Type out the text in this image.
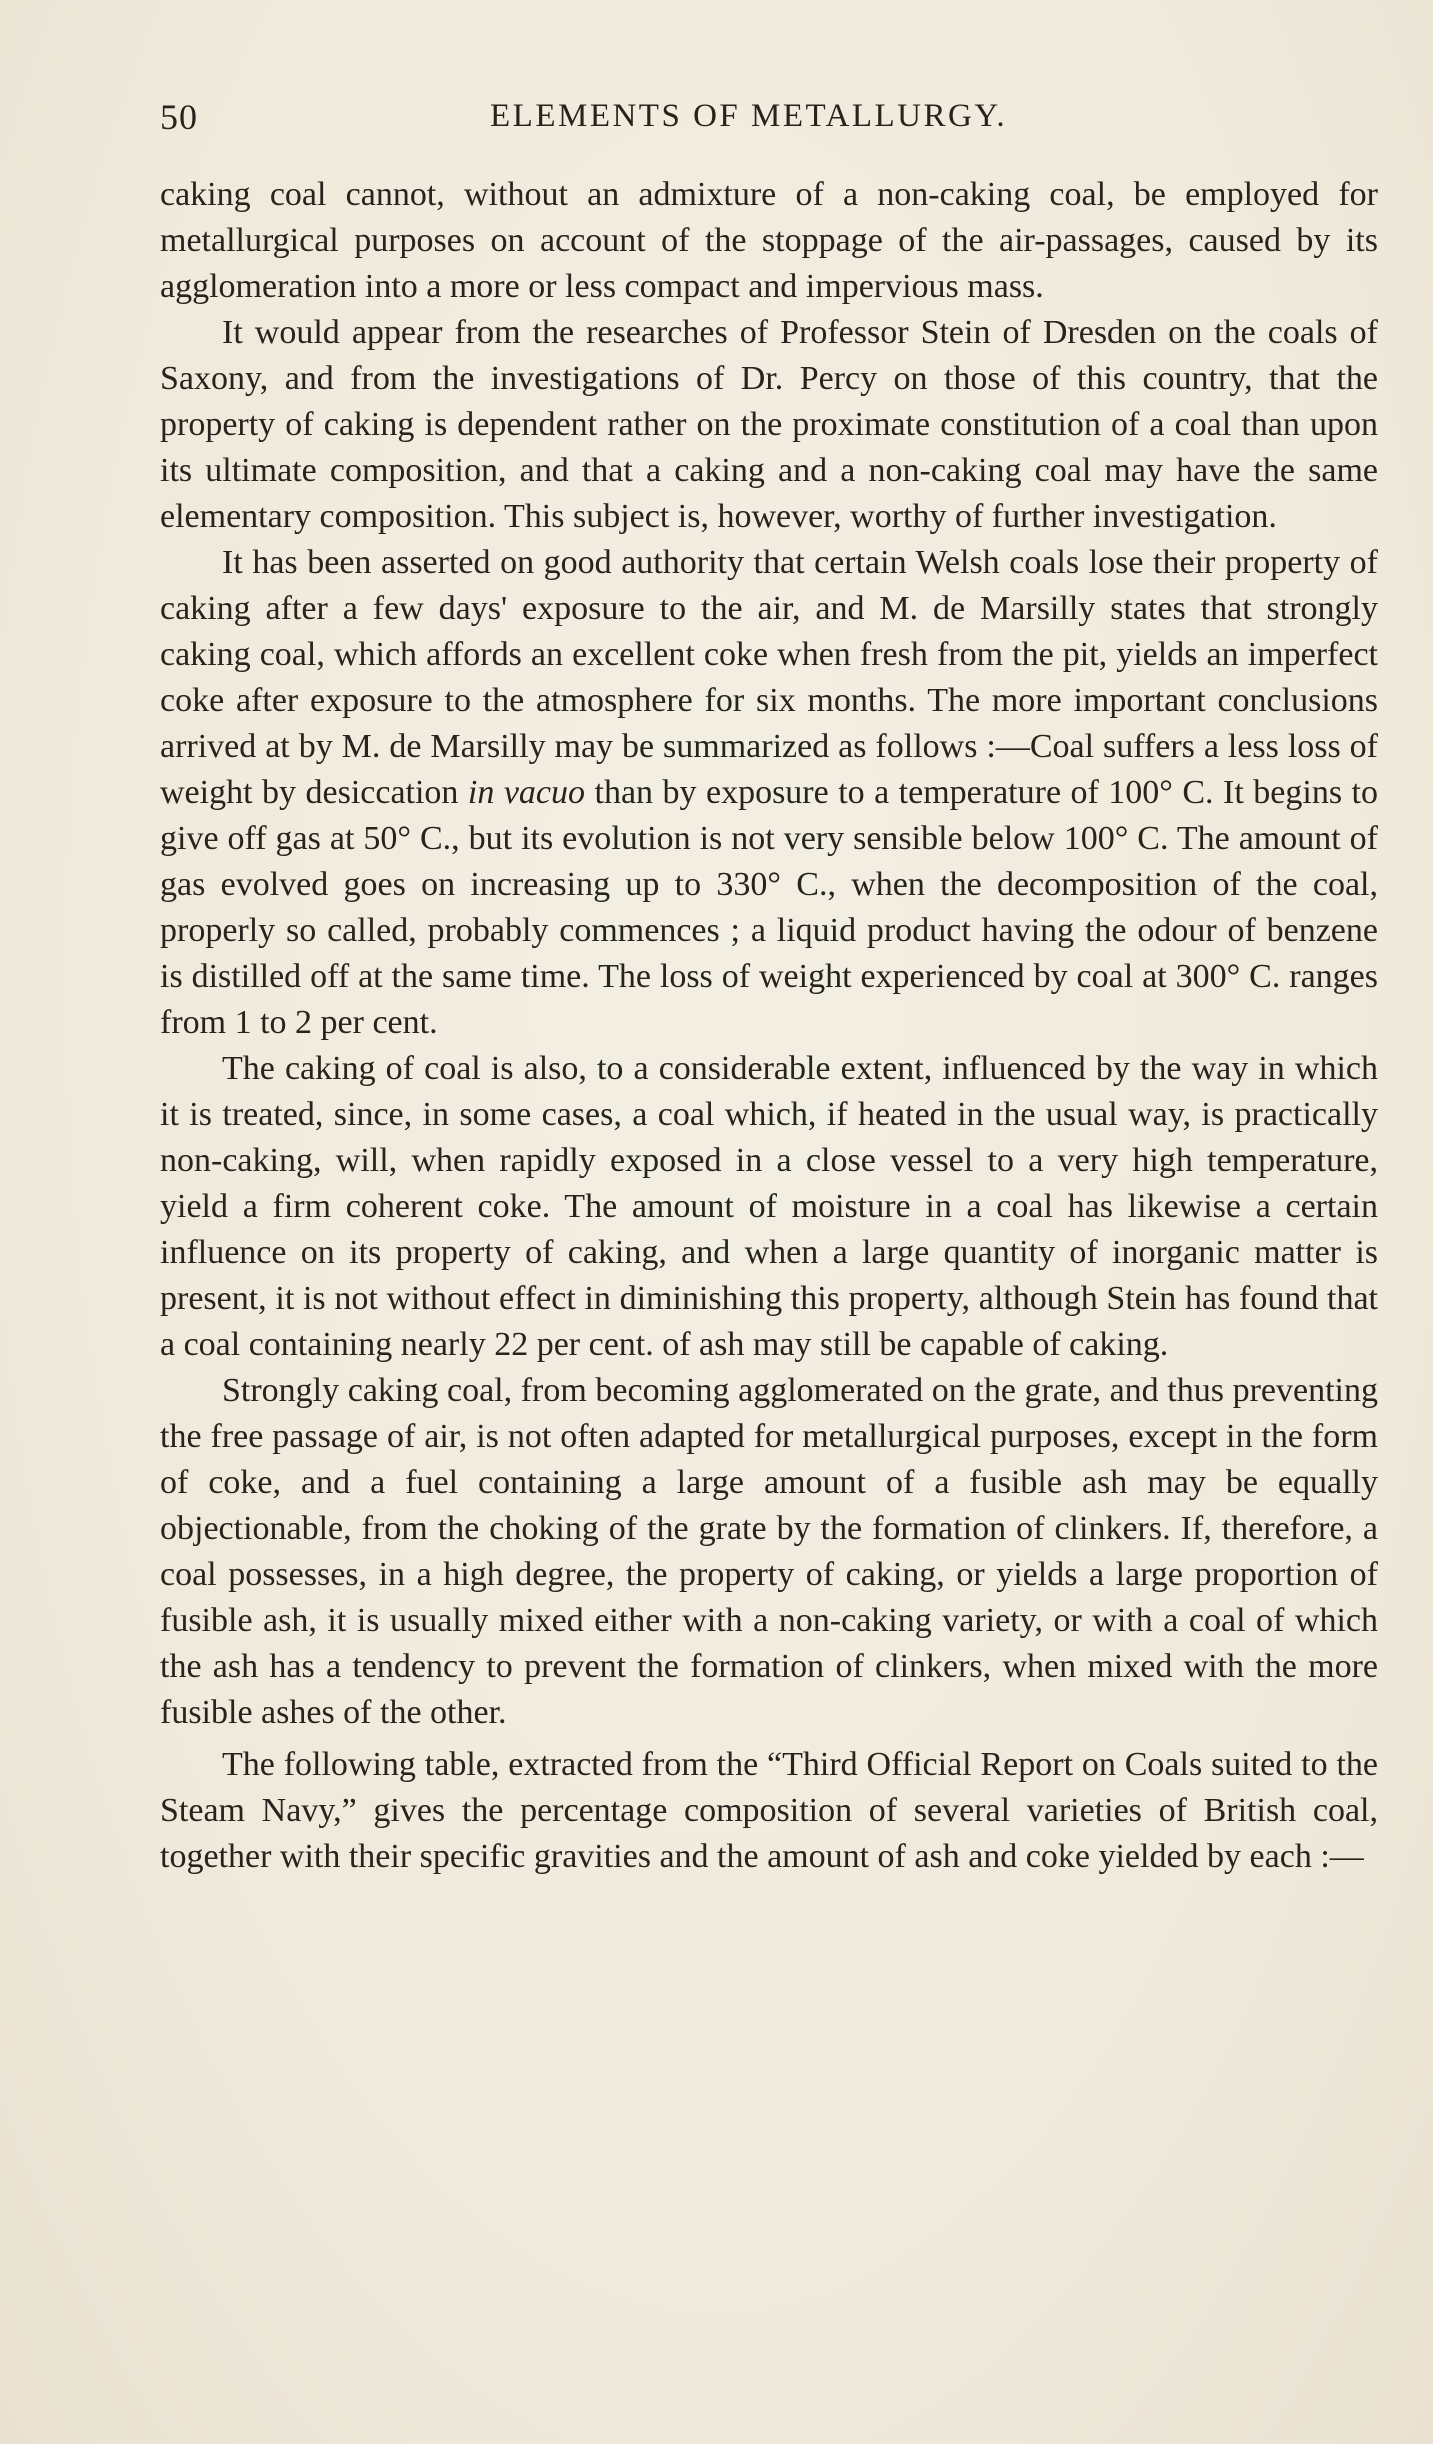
50	ELEMENTS OF METALLURGY.

caking coal cannot, without an admixture of a non-caking coal, be employed for metallurgical purposes on account of the stoppage of the air-passages, caused by its agglomeration into a more or less compact and impervious mass.

It would appear from the researches of Professor Stein of Dresden on the coals of Saxony, and from the investigations of Dr. Percy on those of this country, that the property of caking is dependent rather on the proximate constitution of a coal than upon its ultimate composition, and that a caking and a non-caking coal may have the same elementary composition. This subject is, however, worthy of further investigation.

It has been asserted on good authority that certain Welsh coals lose their property of caking after a few days' exposure to the air, and M. de Marsilly states that strongly caking coal, which affords an excellent coke when fresh from the pit, yields an imperfect coke after exposure to the atmosphere for six months. The more important conclusions arrived at by M. de Marsilly may be summarized as follows :—Coal suffers a less loss of weight by desiccation in vacuo than by exposure to a temperature of 100° C. It begins to give off gas at 50° C., but its evolution is not very sensible below 100° C. The amount of gas evolved goes on increasing up to 330° C., when the decomposition of the coal, properly so called, probably commences ; a liquid product having the odour of benzene is distilled off at the same time. The loss of weight experienced by coal at 300° C. ranges from 1 to 2 per cent.

The caking of coal is also, to a considerable extent, influenced by the way in which it is treated, since, in some cases, a coal which, if heated in the usual way, is practically non-caking, will, when rapidly exposed in a close vessel to a very high temperature, yield a firm coherent coke. The amount of moisture in a coal has likewise a certain influence on its property of caking, and when a large quantity of inorganic matter is present, it is not without effect in diminishing this property, although Stein has found that a coal containing nearly 22 per cent. of ash may still be capable of caking.

Strongly caking coal, from becoming agglomerated on the grate, and thus preventing the free passage of air, is not often adapted for metallurgical purposes, except in the form of coke, and a fuel containing a large amount of a fusible ash may be equally objectionable, from the choking of the grate by the formation of clinkers. If, therefore, a coal possesses, in a high degree, the property of caking, or yields a large proportion of fusible ash, it is usually mixed either with a non-caking variety, or with a coal of which the ash has a tendency to prevent the formation of clinkers, when mixed with the more fusible ashes of the other.

The following table, extracted from the “Third Official Report on Coals suited to the Steam Navy,” gives the percentage composition of several varieties of British coal, together with their specific gravities and the amount of ash and coke yielded by each :—
